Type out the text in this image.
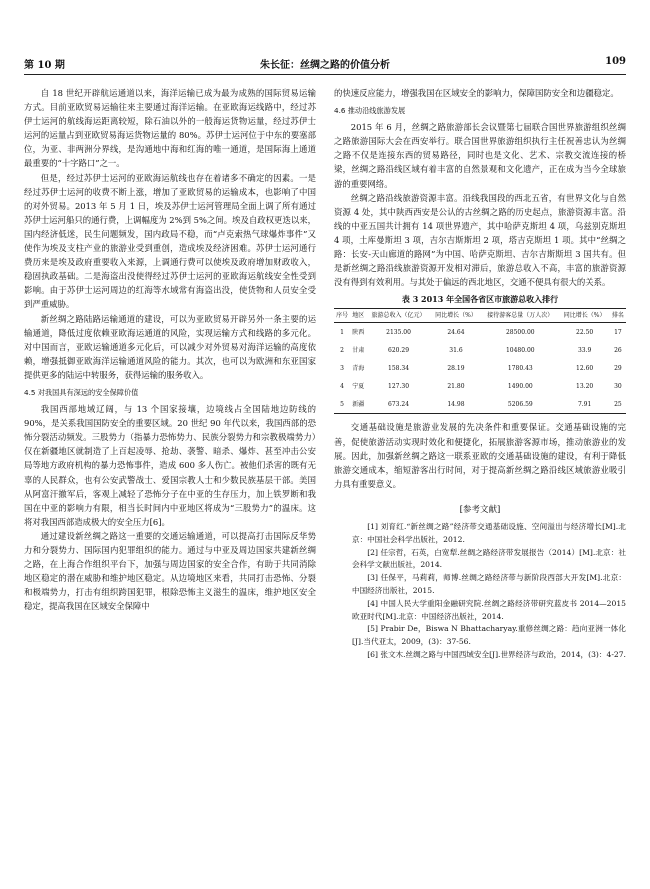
第 10 期	朱长征：丝绸之路的价值分析	109

自 18 世纪开辟航运通道以来，海洋运输已成为最为成熟的国际贸易运输方式。目前亚欧贸易运输往来主要通过海洋运输。在亚欧海运线路中，经过苏伊士运河的航线海运距离较短，除石油以外的一般海运货物运量，经过苏伊士运河的运量占到亚欧贸易海运货物运量的 80%。苏伊士运河位于中东的要塞部位，为亚、非两洲分界线，是沟通地中海和红海的唯一通道，是国际海上通道最重要的“十字路口”之一。

但是，经过苏伊士运河的亚欧海运航线也存在着诸多不确定的因素。一是经过苏伊士运河的收费不断上涨，增加了亚欧贸易的运输成本，也影响了中国的对外贸易。2013 年 5 月 1 日，埃及苏伊士运河管理局全面上调了所有通过苏伊士运河船只的通行费，上调幅度为 2%到 5%之间。埃及自政权更迭以来，国内经济低迷，民生问题频发，国内政局不稳，而“卢克索热气球爆炸事件”又使作为埃及支柱产业的旅游业受到重创，造成埃及经济困难。苏伊士运河通行费历来是埃及政府重要收入来源，上调通行费可以使埃及政府增加财政收入，稳固执政基础。二是海盗出没使得经过苏伊士运河的亚欧海运航线安全性受到影响。由于苏伊士运河周边的红海等水域常有海盗出没，使货物和人员安全受到严重威胁。

新丝绸之路陆路运输通道的建设，可以为亚欧贸易开辟另外一条主要的运输通道，降低过度依赖亚欧海运通道的风险，实现运输方式和线路的多元化。对中国而言，亚欧运输通道多元化后，可以减少对外贸易对海洋运输的高度依赖，增强抵御亚欧海洋运输通道风险的能力。其次，也可以为欧洲和东亚国家提供更多的陆运中转服务，获得运输的服务收入。

4.5 对我国具有深远的安全保障价值

我国西部地域辽阔，与 13 个国家接壤，边境线占全国陆地边防线的 90%，是关系我国国防安全的重要区域。20 世纪 90 年代以来，我国西部的恐怖分裂活动频发。三股势力（指暴力恐怖势力、民族分裂势力和宗教极端势力）仅在新疆地区就制造了上百起凌辱、抢劫、袭警、暗杀、爆炸、甚至冲击公安局等地方政府机构的暴力恐怖事件，造成 600 多人伤亡。被他们杀害的既有无辜的人民群众，也有公安武警战士、爱国宗教人士和少数民族基层干部。美国从阿富汗撤军后，客观上减轻了恐怖分子在中亚的生存压力，加上铁罗断和我国在中亚的影响力有限，相当长时间内中亚地区将成为“三股势力”的温床。这将对我国西部造成极大的安全压力[6]。

通过建设新丝绸之路这一重要的交通运输通道，可以提高打击国际反华势力和分裂势力、国际国内犯罪组织的能力。通过与中亚及周边国家共建新丝绸之路，在上海合作组织平台下，加强与周边国家的安全合作，有助于共同消除地区稳定的潜在威胁和维护地区稳定。从边境地区来看，共同打击恐怖、分裂和极端势力，打击有组织跨国犯罪，根除恐怖主义滋生的温床，维护地区安全稳定，提高我国在区域安全保障中

的快速反应能力，增强我国在区域安全的影响力，保障国防安全和边疆稳定。

4.6 推动沿线旅游发展

2015 年 6 月，丝绸之路旅游部长会议暨第七届联合国世界旅游组织丝绸之路旅游国际大会在西安举行。联合国世界旅游组织执行主任祝善忠认为丝绸之路不仅是连接东西的贸易路径，同时也是文化、艺术、宗教交流连接的桥梁，丝绸之路沿线区域有着丰富的自然景观和文化遗产，正在成为当今全球旅游的重要网络。

丝绸之路沿线旅游资源丰富。沿线我国段的西北五省，有世界文化与自然资源 4 处，其中陕西西安是公认的古丝绸之路的历史起点，旅游资源丰富。沿线的中亚五国共计拥有 14 项世界遗产，其中哈萨克斯坦 4 项，乌兹别克斯坦 4 项，土库曼斯坦 3 项，吉尔吉斯斯坦 2 项，塔吉克斯坦 1 项。其中“丝绸之路：长安-天山廊道的路网”为中国、哈萨克斯坦、吉尔吉斯斯坦 3 国共有。但是新丝绸之路沿线旅游资源开发相对滞后，旅游总收入不高，丰富的旅游资源没有得到有效利用。与其处于偏远的西北地区，交通不便具有很大的关系。

表 3 2013 年全国各省区市旅游总收入排行
序号	地区	旅游总收入（亿元）	同比增长（%）	接待游客总量（万人次）	同比增长（%）	排名
1	陕西	2135.00	24.64	28500.00	22.50	17
2	甘肃	620.29	31.6	10480.00	33.9	26
3	青海	158.34	28.19	1780.43	12.60	29
4	宁夏	127.30	21.80	1490.00	13.20	30
5	新疆	673.24	14.98	5206.59	7.91	25

交通基础设施是旅游业发展的先决条件和重要保证。交通基础设施的完善，促使旅游活动实现时效化和便捷化，拓展旅游客源市场，推动旅游业的发展。因此，加强新丝绸之路这一联系亚欧的交通基础设施的建设，有利于降低旅游交通成本，缩短游客出行时间，对于提高新丝绸之路沿线区域旅游业吸引力具有重要意义。

[参考文献]

[1] 刘育红.“新丝绸之路”经济带交通基础设施、空间溢出与经济增长[M].北京：中国社会科学出版社，2012.

[2] 任宗哲，石英，白宽犁.丝绸之路经济带发展报告（2014）[M].北京：社会科学文献出版社，2014.

[3] 任保平，马莉莉，师博.丝绸之路经济带与新阶段西部大开发[M].北京：中国经济出版社，2015.

[4] 中国人民大学重阳金融研究院.丝绸之路经济带研究蓝皮书 2014—2015 欧亚时代[M].北京：中国经济出版社，2014.

[5] Prabir De，Biswa N Bhattacharyay.重修丝绸之路：趋向亚洲一体化[J].当代亚太，2009，(3)：37-56.

[6] 张文木.丝绸之路与中国西域安全[J].世界经济与政治，2014，(3)：4-27.
